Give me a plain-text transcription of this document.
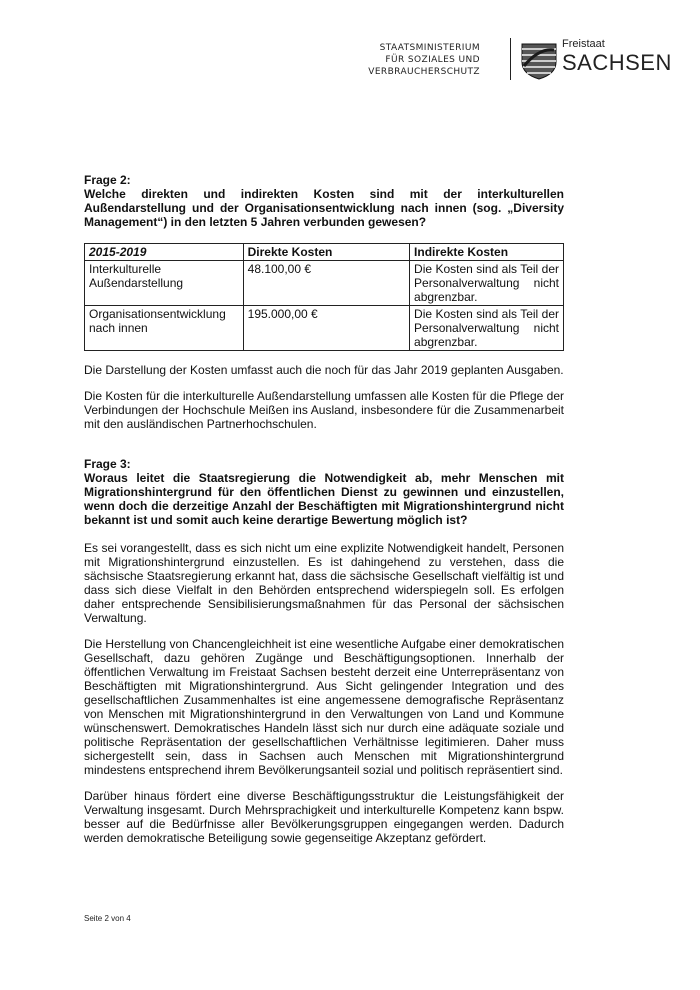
STAATSMINISTERIUM
FÜR SOZIALES UND
VERBRAUCHERSCHUTZ
Freistaat
SACHSEN

Frage 2:

Welche direkten und indirekten Kosten sind mit der interkulturellen Außendarstellung und der Organisationsentwicklung nach innen (sog. „Diversity Management“) in den letzten 5 Jahren verbunden gewesen?

2015-2019	Direkte Kosten	Indirekte Kosten
Interkulturelle Außendarstellung	48.100,00 €	Die Kosten sind als Teil der Personalverwaltung nicht abgrenzbar.
Organisationsentwicklung nach innen	195.000,00 €	Die Kosten sind als Teil der Personalverwaltung nicht abgrenzbar.

Die Darstellung der Kosten umfasst auch die noch für das Jahr 2019 geplanten Ausgaben.

Die Kosten für die interkulturelle Außendarstellung umfassen alle Kosten für die Pflege der Verbindungen der Hochschule Meißen ins Ausland, insbesondere für die Zusammenarbeit mit den ausländischen Partnerhochschulen.

Frage 3:

Woraus leitet die Staatsregierung die Notwendigkeit ab, mehr Menschen mit Migrationshintergrund für den öffentlichen Dienst zu gewinnen und einzustellen, wenn doch die derzeitige Anzahl der Beschäftigten mit Migrationshintergrund nicht bekannt ist und somit auch keine derartige Bewertung möglich ist?

Es sei vorangestellt, dass es sich nicht um eine explizite Notwendigkeit handelt, Personen mit Migrationshintergrund einzustellen. Es ist dahingehend zu verstehen, dass die sächsische Staatsregierung erkannt hat, dass die sächsische Gesellschaft vielfältig ist und dass sich diese Vielfalt in den Behörden entsprechend widerspiegeln soll. Es erfolgen daher entsprechende Sensibilisierungsmaßnahmen für das Personal der sächsischen Verwaltung.

Die Herstellung von Chancengleichheit ist eine wesentliche Aufgabe einer demokratischen Gesellschaft, dazu gehören Zugänge und Beschäftigungsoptionen. Innerhalb der öffentlichen Verwaltung im Freistaat Sachsen besteht derzeit eine Unterrepräsentanz von Beschäftigten mit Migrationshintergrund. Aus Sicht gelingender Integration und des gesellschaftlichen Zusammenhaltes ist eine angemessene demografische Repräsentanz von Menschen mit Migrationshintergrund in den Verwaltungen von Land und Kommune wünschenswert. Demokratisches Handeln lässt sich nur durch eine adäquate soziale und politische Repräsentation der gesellschaftlichen Verhältnisse legitimieren. Daher muss sichergestellt sein, dass in Sachsen auch Menschen mit Migrationshintergrund mindestens entsprechend ihrem Bevölkerungsanteil sozial und politisch repräsentiert sind.

Darüber hinaus fördert eine diverse Beschäftigungsstruktur die Leistungsfähigkeit der Verwaltung insgesamt. Durch Mehrsprachigkeit und interkulturelle Kompetenz kann bspw. besser auf die Bedürfnisse aller Bevölkerungsgruppen eingegangen werden. Dadurch werden demokratische Beteiligung sowie gegenseitige Akzeptanz gefördert.

Seite 2 von 4
